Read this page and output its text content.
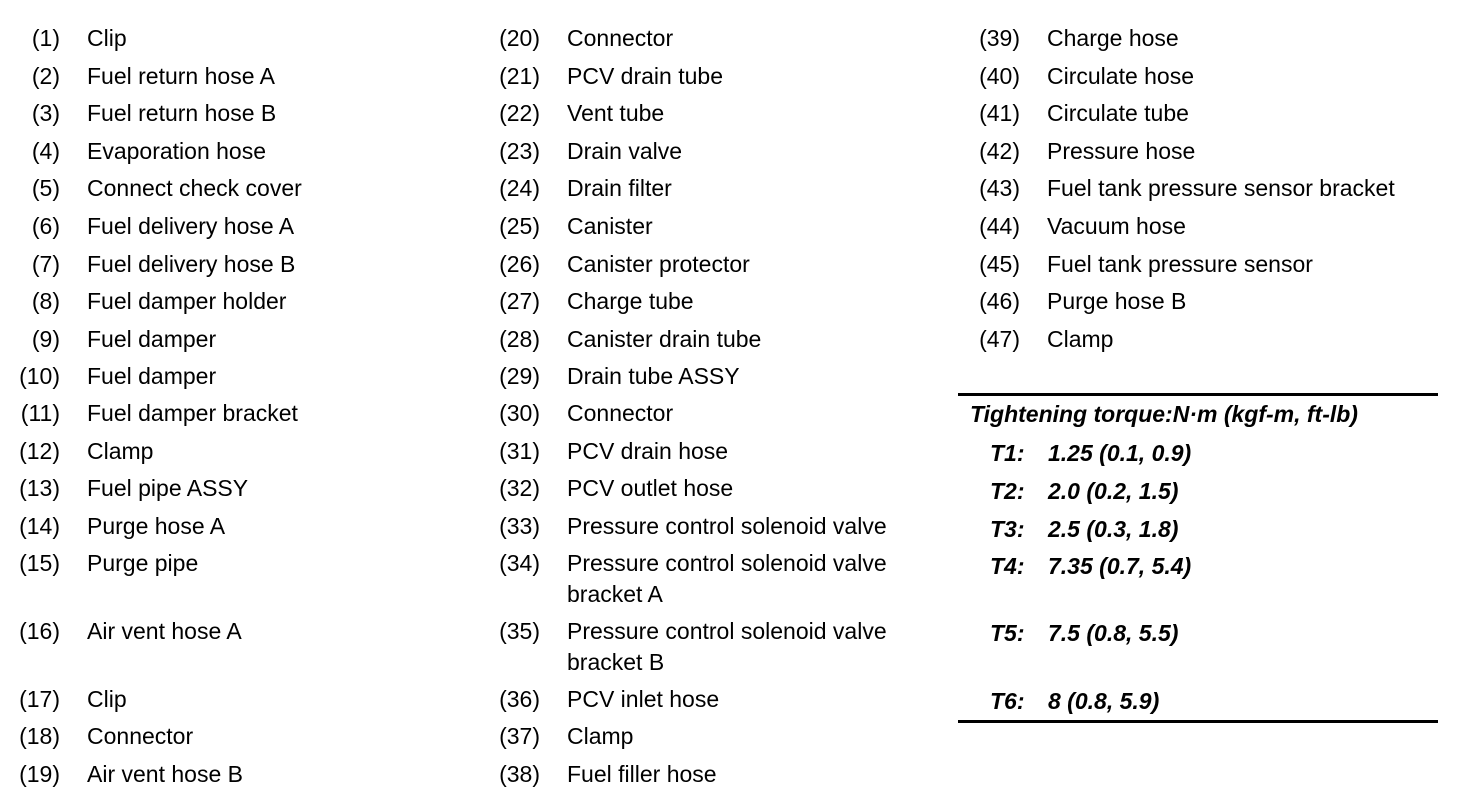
(1) Clip
(2) Fuel return hose A
(3) Fuel return hose B
(4) Evaporation hose
(5) Connect check cover
(6) Fuel delivery hose A
(7) Fuel delivery hose B
(8) Fuel damper holder
(9) Fuel damper
(10) Fuel damper
(11) Fuel damper bracket
(12) Clamp
(13) Fuel pipe ASSY
(14) Purge hose A
(15) Purge pipe
(16) Air vent hose A
(17) Clip
(18) Connector
(19) Air vent hose B
(20) Connector
(21) PCV drain tube
(22) Vent tube
(23) Drain valve
(24) Drain filter
(25) Canister
(26) Canister protector
(27) Charge tube
(28) Canister drain tube
(29) Drain tube ASSY
(30) Connector
(31) PCV drain hose
(32) PCV outlet hose
(33) Pressure control solenoid valve
(34) Pressure control solenoid valve
bracket A
(35) Pressure control solenoid valve
bracket B
(36) PCV inlet hose
(37) Clamp
(38) Fuel filler hose
(39) Charge hose
(40) Circulate hose
(41) Circulate tube
(42) Pressure hose
(43) Fuel tank pressure sensor bracket
(44) Vacuum hose
(45) Fuel tank pressure sensor
(46) Purge hose B
(47) Clamp
Tightening torque:N·m (kgf-m, ft-lb)
T1: 1.25 (0.1, 0.9)
T2: 2.0 (0.2, 1.5)
T3: 2.5 (0.3, 1.8)
T4: 7.35 (0.7, 5.4)
T5: 7.5 (0.8, 5.5)
T6: 8 (0.8, 5.9)
